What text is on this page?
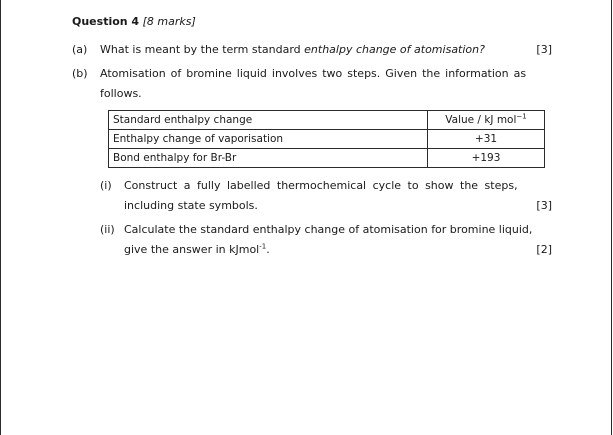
Question 4 [8 marks]
(a)	What is meant by the term standard enthalpy change of atomisation?	[3]
(b)	Atomisation of bromine liquid involves two steps. Given the information as
follows.
Standard enthalpy change	Value / kJ mol$^{-1}$
Enthalpy change of vaporisation	+31
Bond enthalpy for Br-Br	+193
(i)	Construct a fully labelled thermochemical cycle to show the steps,
including state symbols.	[3]
(ii) Calculate the standard enthalpy change of atomisation for bromine liquid,
give the answer in kJmol$^{-1}$.	[2]
